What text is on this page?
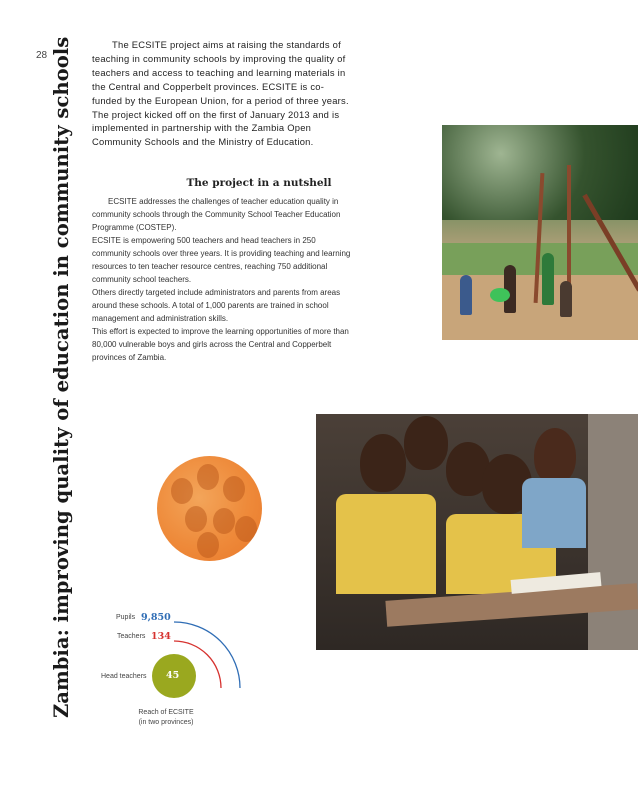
28 Zambia: improving quality of education in community schools	The ECSITE project aims at raising the standards of teaching in community schools by improving the quality of teachers and access to teaching and learning materials in the Central and Copperbelt provinces. ECSITE is co-funded by the European Union, for a period of three years. The project kicked off on the first of January 2013 and is implemented in partnership with the Zambia Open Community Schools and the Ministry of Education.

The project in a nutshell

ECSITE addresses the challenges of teacher education quality in community schools through the Community School Teacher Education Programme (COSTEP).

ECSITE is empowering 500 teachers and head teachers in 250 community schools over three years. It is providing teaching and learning resources to ten teacher resource centres, reaching 750 additional community school teachers.

Others directly targeted include administrators and parents from areas around these schools. A total of 1,000 parents are trained in school management and administration skills.

This effort is expected to improve the learning opportunities of more than 80,000 vulnerable boys and girls across the Central and Copperbelt provinces of Zambia.

Pupils 9,850
Teachers 134
Head teachers 45
Reach of ECSITE
(in two provinces)
